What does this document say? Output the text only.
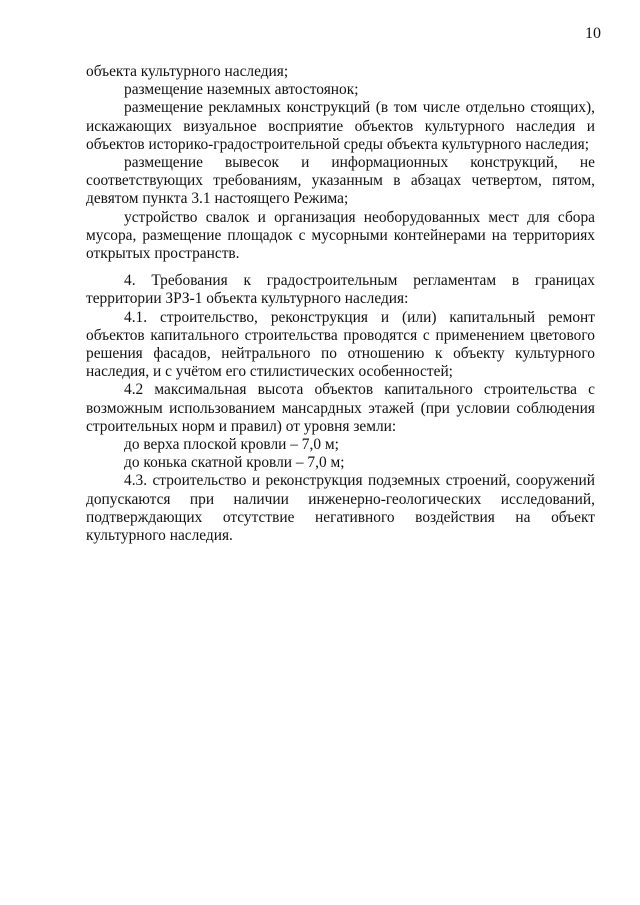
10

объекта культурного наследия;

размещение наземных автостоянок;

размещение рекламных конструкций (в том числе отдельно стоящих), искажающих визуальное восприятие объектов культурного наследия и объектов историко-градостроительной среды объекта культурного наследия;

размещение вывесок и информационных конструкций, не соответствующих требованиям, указанным в абзацах четвертом, пятом, девятом пункта 3.1 настоящего Режима;

устройство свалок и организация необорудованных мест для сбора мусора, размещение площадок с мусорными контейнерами на территориях открытых пространств.

4. Требования к градостроительным регламентам в границах территории ЗРЗ-1 объекта культурного наследия:

4.1. строительство, реконструкция и (или) капитальный ремонт объектов капитального строительства проводятся с применением цветового решения фасадов, нейтрального по отношению к объекту культурного наследия, и с учётом его стилистических особенностей;

4.2 максимальная высота объектов капитального строительства с возможным использованием мансардных этажей (при условии соблюдения строительных норм и правил) от уровня земли:

до верха плоской кровли – 7,0 м;

до конька скатной кровли – 7,0 м;

4.3. строительство и реконструкция подземных строений, сооружений допускаются при наличии инженерно-геологических исследований, подтверждающих отсутствие негативного воздействия на объект культурного наследия.
